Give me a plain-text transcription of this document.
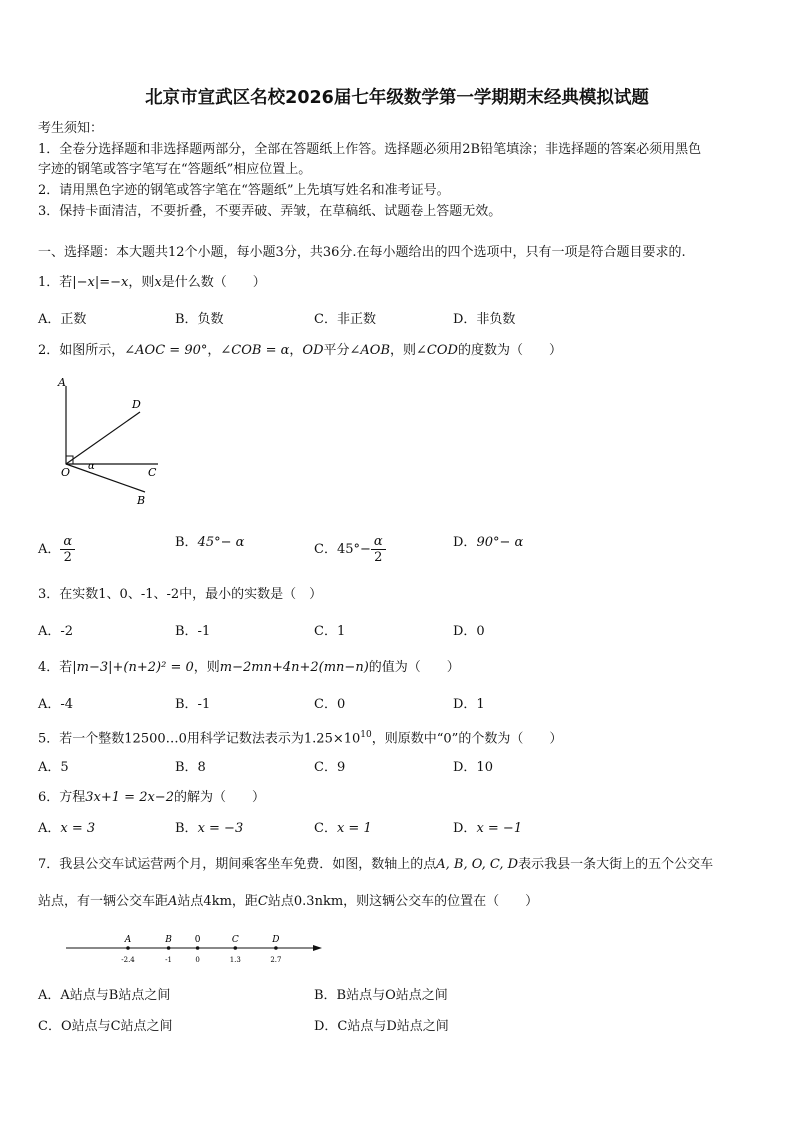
北京市宣武区名校2026届七年级数学第一学期期末经典模拟试题
考生须知：
1．全卷分选择题和非选择题两部分，全部在答题纸上作答。选择题必须用2B铅笔填涂；非选择题的答案必须用黑色
字迹的钢笔或答字笔写在“答题纸”相应位置上。
2．请用黑色字迹的钢笔或答字笔在“答题纸”上先填写姓名和准考证号。
3．保持卡面清洁，不要折叠，不要弄破、弄皱，在草稿纸、试题卷上答题无效。
一、选择题：本大题共12个小题，每小题3分，共36分.在每小题给出的四个选项中，只有一项是符合题目要求的.
1．若|−x|=−x，则x是什么数（　　）
A．正数	B．负数	C．非正数	D．非负数
2．如图所示，∠AOC = 90°，∠COB = α，OD平分∠AOB，则∠COD的度数为（　　）
A
D
O α	C
B
A． $\frac{\alpha}{2}$	B．45°− α	C．$45^\circ- \frac{\alpha}{2}$	D．90°− α
3．在实数1、0、-1、-2中，最小的实数是（　）
A．-2	B．-1	C．1	D．0
4．若|m−3|+(n+2)² = 0，则m−2mn+4n+2(mn−n)的值为（　　）
A．-4	B．-1	C．0	D．1
5．若一个整数12500…0用科学记数法表示为$1.25\times 10^{10}$，则原数中“0”的个数为（　　）
A．5	B．8	C．9	D．10
6．方程3x+1 = 2x−2的解为（　　）
A．x = 3	B．x = −3	C．x = 1	D．x = −1
7．我县公交车试运营两个月，期间乘客坐车免费．如图，数轴上的点A, B, O, C, D表示我县一条大街上的五个公交车
站点，有一辆公交车距A站点4km，距C站点0.3nkm，则这辆公交车的位置在（　　）
A
-2.4
B
-1
0
0
C
1.3
D
2.7
A．A站点与B站点之间	B．B站点与O站点之间
C．O站点与C站点之间	D．C站点与D站点之间
